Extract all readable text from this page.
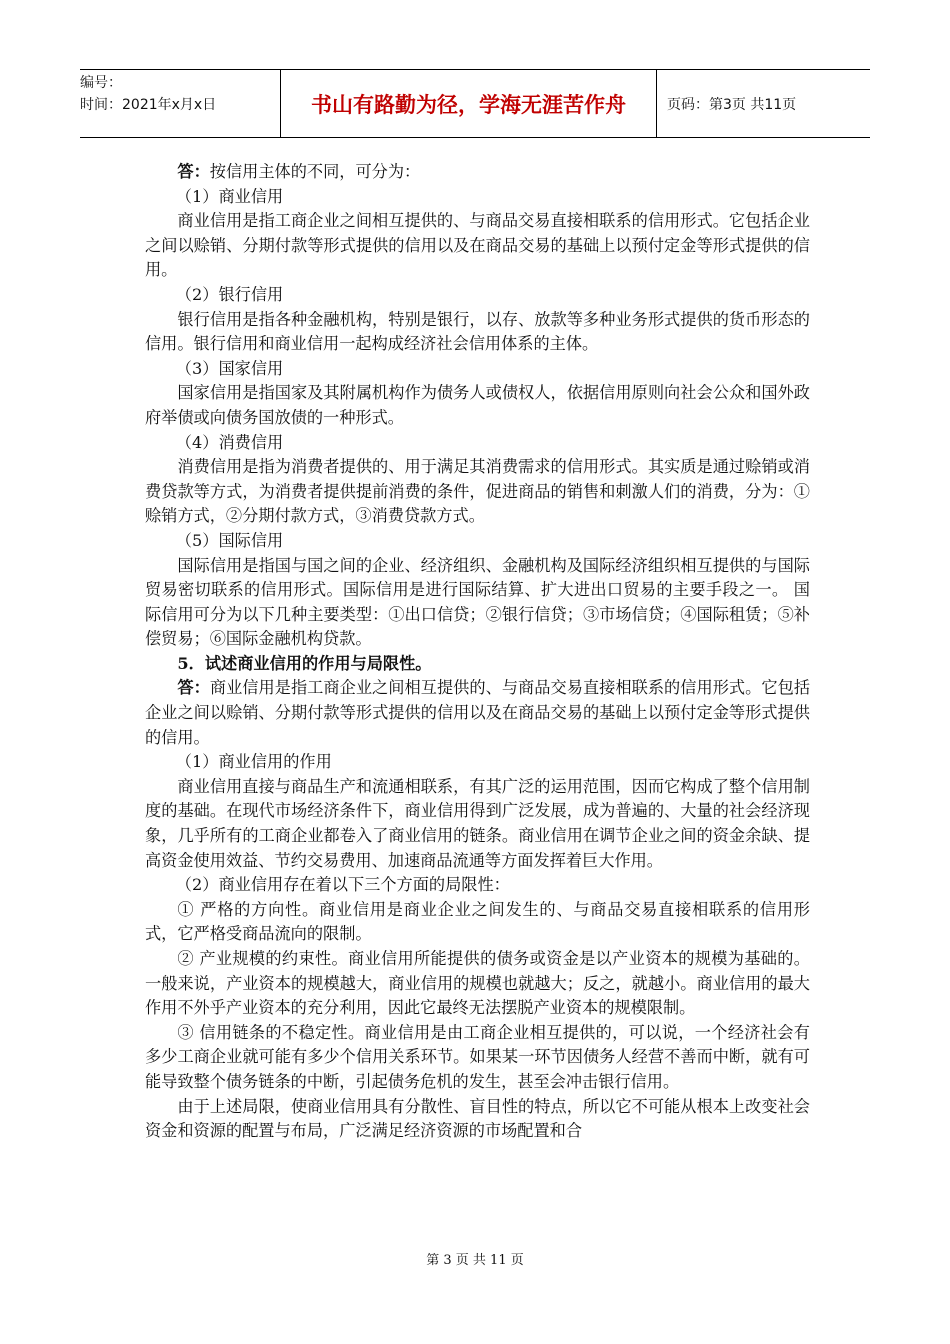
编号：
时间：2021年x月x日	书山有路勤为径，学海无涯苦作舟	页码：第3页 共11页

答：按信用主体的不同，可分为：

（1）商业信用

商业信用是指工商企业之间相互提供的、与商品交易直接相联系的信用形式。它包括企业之间以赊销、分期付款等形式提供的信用以及在商品交易的基础上以预付定金等形式提供的信用。

（2）银行信用

银行信用是指各种金融机构，特别是银行，以存、放款等多种业务形式提供的货币形态的信用。银行信用和商业信用一起构成经济社会信用体系的主体。

（3）国家信用

国家信用是指国家及其附属机构作为债务人或债权人，依据信用原则向社会公众和国外政府举债或向债务国放债的一种形式。

（4）消费信用

消费信用是指为消费者提供的、用于满足其消费需求的信用形式。其实质是通过赊销或消费贷款等方式，为消费者提供提前消费的条件，促进商品的销售和刺激人们的消费，分为：①赊销方式，②分期付款方式，③消费贷款方式。

（5）国际信用

国际信用是指国与国之间的企业、经济组织、金融机构及国际经济组织相互提供的与国际贸易密切联系的信用形式。国际信用是进行国际结算、扩大进出口贸易的主要手段之一。 国际信用可分为以下几种主要类型：①出口信贷；②银行信贷；③市场信贷；④国际租赁；⑤补偿贸易；⑥国际金融机构贷款。

5．试述商业信用的作用与局限性。

答：商业信用是指工商企业之间相互提供的、与商品交易直接相联系的信用形式。它包括企业之间以赊销、分期付款等形式提供的信用以及在商品交易的基础上以预付定金等形式提供的信用。

（1）商业信用的作用

商业信用直接与商品生产和流通相联系，有其广泛的运用范围，因而它构成了整个信用制度的基础。在现代市场经济条件下，商业信用得到广泛发展，成为普遍的、大量的社会经济现象，几乎所有的工商企业都卷入了商业信用的链条。商业信用在调节企业之间的资金余缺、提高资金使用效益、节约交易费用、加速商品流通等方面发挥着巨大作用。

（2）商业信用存在着以下三个方面的局限性：

① 严格的方向性。商业信用是商业企业之间发生的、与商品交易直接相联系的信用形式，它严格受商品流向的限制。

② 产业规模的约束性。商业信用所能提供的债务或资金是以产业资本的规模为基础的。一般来说，产业资本的规模越大，商业信用的规模也就越大；反之，就越小。商业信用的最大作用不外乎产业资本的充分利用，因此它最终无法摆脱产业资本的规模限制。

③ 信用链条的不稳定性。商业信用是由工商企业相互提供的，可以说，一个经济社会有多少工商企业就可能有多少个信用关系环节。如果某一环节因债务人经营不善而中断，就有可能导致整个债务链条的中断，引起债务危机的发生，甚至会冲击银行信用。

由于上述局限，使商业信用具有分散性、盲目性的特点，所以它不可能从根本上改变社会资金和资源的配置与布局，广泛满足经济资源的市场配置和合

第 3 页 共 11 页
